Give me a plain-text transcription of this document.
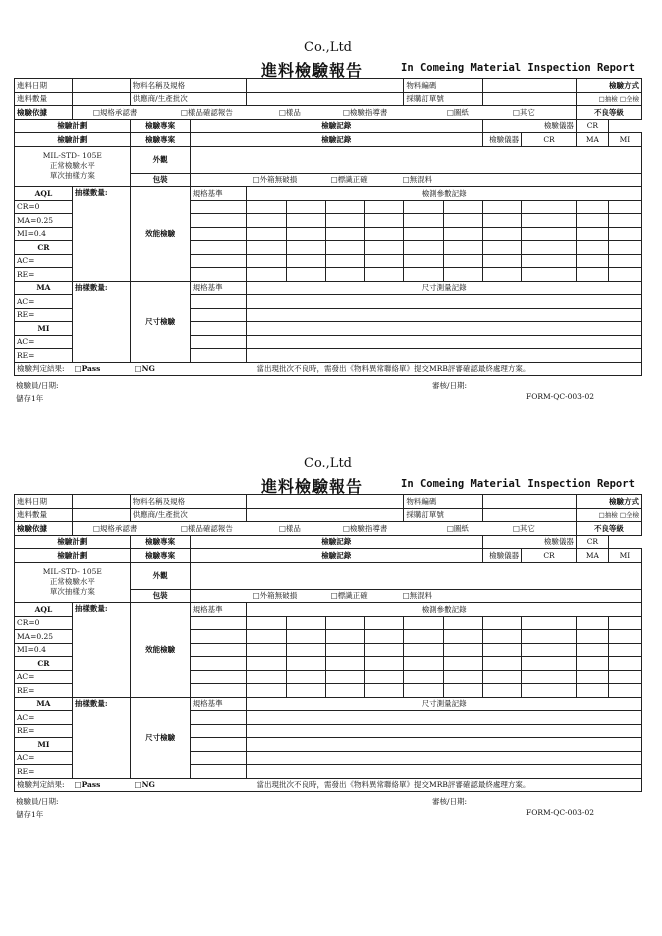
Co.,Ltd
進料檢驗報告	In Comeing Material Inspection Report
進料日期		物料名稱及規格						物料編碼				檢驗方式	
進料數量		供應商/生產批次						採購訂單號				□抽檢 □全檢	
檢驗依據	□規格承認書 □樣品確認報告 □樣品 □檢驗指導書 □圖紙 □其它											不良等級	
檢驗計劃		檢驗專案	檢驗記錄							檢驗儀器		CR	
檢驗計劃		檢驗專案	檢驗記錄							檢驗儀器	CR	MA	MI
MIL-STD- 105E
正常檢驗水平
單次抽樣方案		外觀											
		包裝	□外箱無破損 □標識正確 □無混料										
AQL	抽樣數量:	效能檢驗	規格基準	檢測參數記錄									
CR=0													
MA=0.25													
MI=0.4													
CR													
AC=													
RE=													
MA	抽樣數量:	尺寸檢驗	規格基準	尺寸測量記錄									
AC=													
RE=													
MI													
AC=													
RE=													
檢驗判定結果: □Pass □NG 當出現批次不良時，需發出《物料異常聯絡單》提交MRB評審確認最終處理方案。													
檢驗員/日期:	審核/日期:
儲存1年	FORM-QC-003-02
Co.,Ltd
進料檢驗報告	In Comeing Material Inspection Report
進料日期		物料名稱及規格						物料編碼				檢驗方式	
進料數量		供應商/生產批次						採購訂單號				□抽檢 □全檢	
檢驗依據	□規格承認書 □樣品確認報告 □樣品 □檢驗指導書 □圖紙 □其它											不良等級	
檢驗計劃		檢驗專案	檢驗記錄							檢驗儀器		CR	
檢驗計劃		檢驗專案	檢驗記錄							檢驗儀器	CR	MA	MI
MIL-STD- 105E
正常檢驗水平
單次抽樣方案		外觀											
		包裝	□外箱無破損 □標識正確 □無混料										
AQL	抽樣數量:	效能檢驗	規格基準	檢測參數記錄									
CR=0													
MA=0.25													
MI=0.4													
CR													
AC=													
RE=													
MA	抽樣數量:	尺寸檢驗	規格基準	尺寸測量記錄									
AC=													
RE=													
MI													
AC=													
RE=													
檢驗判定結果: □Pass □NG 當出現批次不良時，需發出《物料異常聯絡單》提交MRB評審確認最終處理方案。													
檢驗員/日期:	審核/日期:
儲存1年	FORM-QC-003-02
